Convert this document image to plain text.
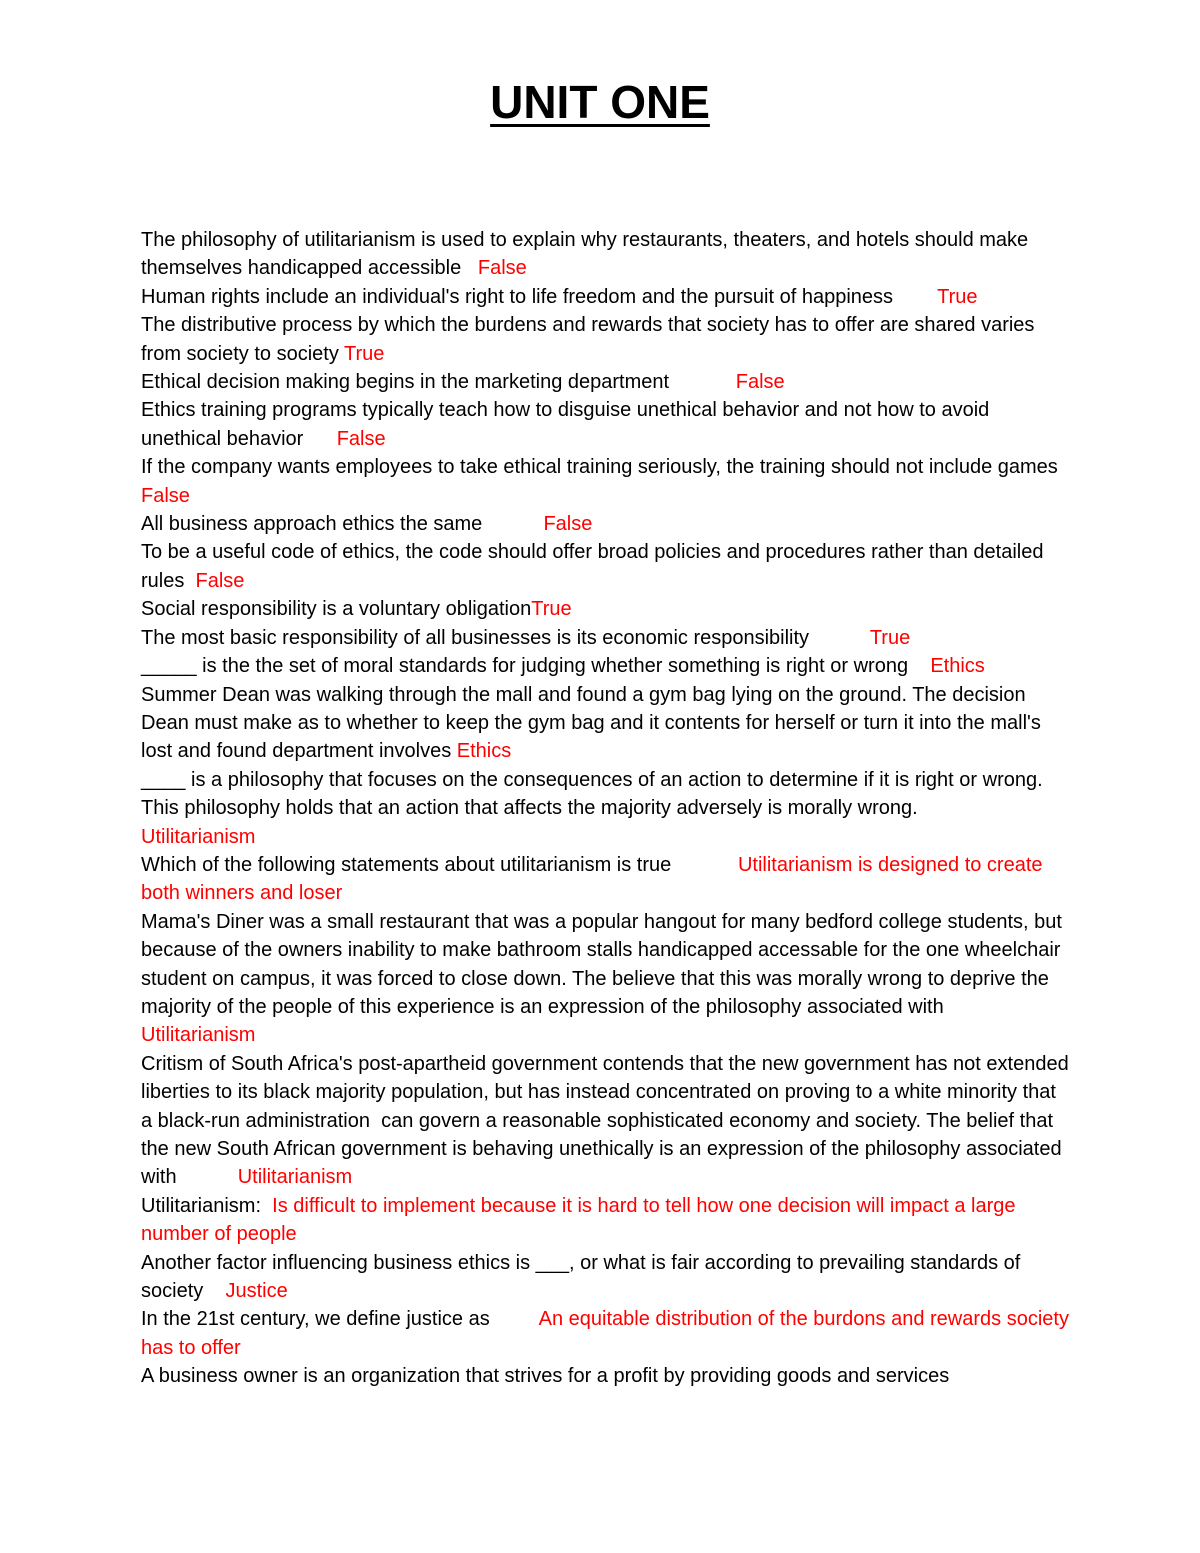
UNIT ONE
The philosophy of utilitarianism is used to explain why restaurants, theaters, and hotels should make themselves handicapped accessible False
Human rights include an individual's right to life freedom and the pursuit of happiness True
The distributive process by which the burdens and rewards that society has to offer are shared varies from society to society True
Ethical decision making begins in the marketing department	False
Ethics training programs typically teach how to disguise unethical behavior and not how to avoid unethical behavior False
If the company wants employees to take ethical training seriously, the training should not include games              False
All business approach ethics the same	False
To be a useful code of ethics, the code should offer broad policies and procedures rather than detailed rules False
Social responsibility is a voluntary obligationTrue
The most basic responsibility of all businesses is its economic responsibility	True
_____ is the the set of moral standards for judging whether something is right or wrong Ethics
Summer Dean was walking through the mall and found a gym bag lying on the ground. The decision Dean must make as to whether to keep the gym bag and it contents for herself or turn it into the mall's lost and found department involves Ethics
____ is a philosophy that focuses on the consequences of an action to determine if it is right or wrong. This philosophy holds that an action that affects the majority adversely is morally wrong.           Utilitarianism
Which of the following statements about utilitarianism is true	Utilitarianism is designed to create both winners and loser
Mama's Diner was a small restaurant that was a popular hangout for many bedford college students, but because of the owners inability to make bathroom stalls handicapped accessable for the one wheelchair student on campus, it was forced to close down. The believe that this was morally wrong to deprive the majority of the people of this experience is an expression of the philosophy associated with           Utilitarianism
Critism of South Africa's post-apartheid government contends that the new government has not extended liberties to its black majority population, but has instead concentrated on proving to a white minority that a black-run administration  can govern a reasonable sophisticated economy and society. The belief that the new South African government is behaving unethically is an expression of the philosophy associated with	Utilitarianism
Utilitarianism: Is difficult to implement because it is hard to tell how one decision will impact a large number of people
Another factor influencing business ethics is ___, or what is fair according to prevailing standards of society Justice
In the 21st century, we define justice as An equitable distribution of the burdons and rewards society has to offer
A business owner is an organization that strives for a profit by providing goods and services
